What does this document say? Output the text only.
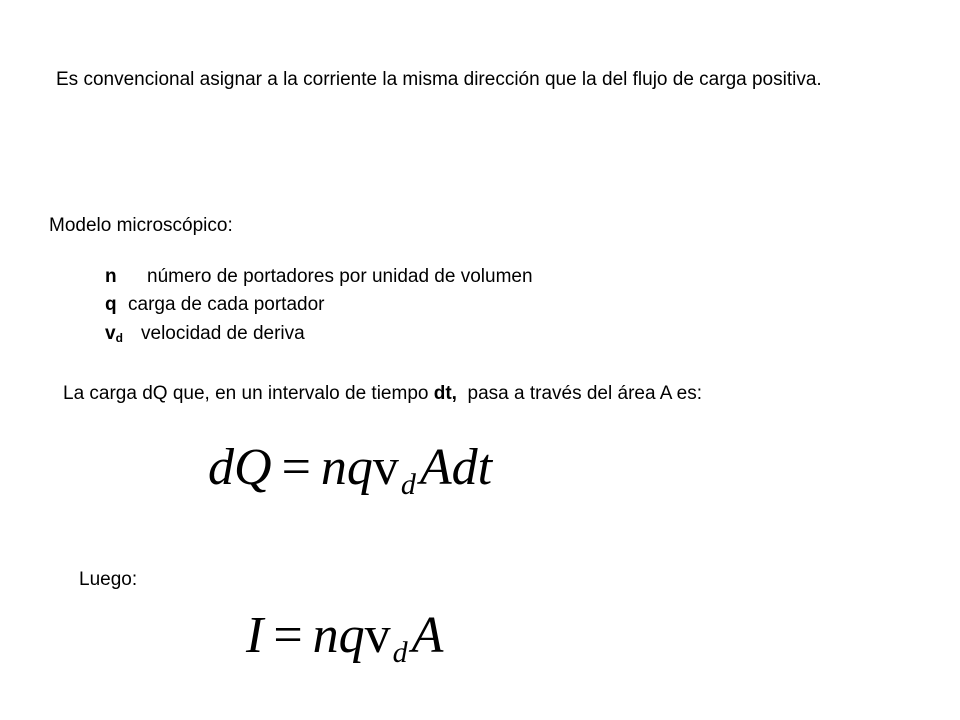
Es convencional asignar a la corriente la misma dirección que la del flujo de carga positiva.
Modelo microscópico:
n número de portadores por unidad de volumen
q carga de cada portador
$v_d$ velocidad de deriva
La carga dQ que, en un intervalo de tiempo dt,  pasa a través del área A es:
dQ = nqv$_d$Adt
Luego:
I = nqv$_d$A
